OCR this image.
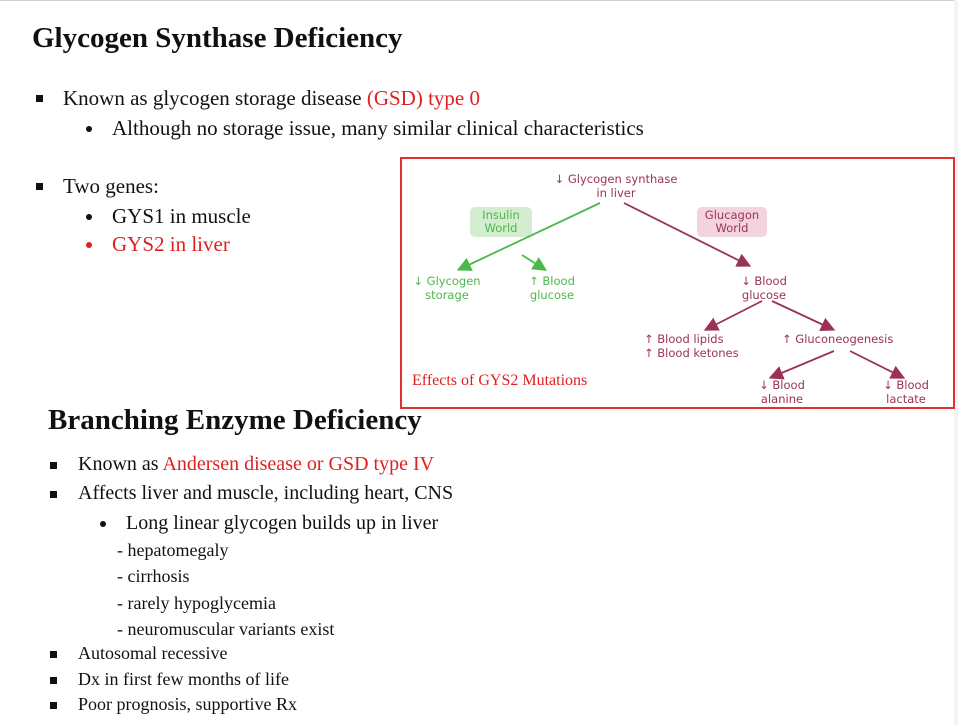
Glycogen Synthase Deficiency
Known as glycogen storage disease (GSD) type 0
Although no storage issue, many similar clinical characteristics
Two genes:
GYS1 in muscle
GYS2 in liver
↓ Glycogen synthase
in liver
Insulin
World
Glucagon
World
↓ Glycogen
storage
↑ Blood
glucose
↓ Blood
glucose
↑ Blood lipids
↑ Blood ketones
↑ Gluconeogenesis
↓ Blood
alanine
↓ Blood
lactate
Effects of GYS2 Mutations
Branching Enzyme Deficiency
Known as Andersen disease or GSD type IV
Affects liver and muscle, including heart, CNS
Long linear glycogen builds up in liver
- hepatomegaly
- cirrhosis
- rarely hypoglycemia
- neuromuscular variants exist
Autosomal recessive
Dx in first few months of life
Poor prognosis, supportive Rx
